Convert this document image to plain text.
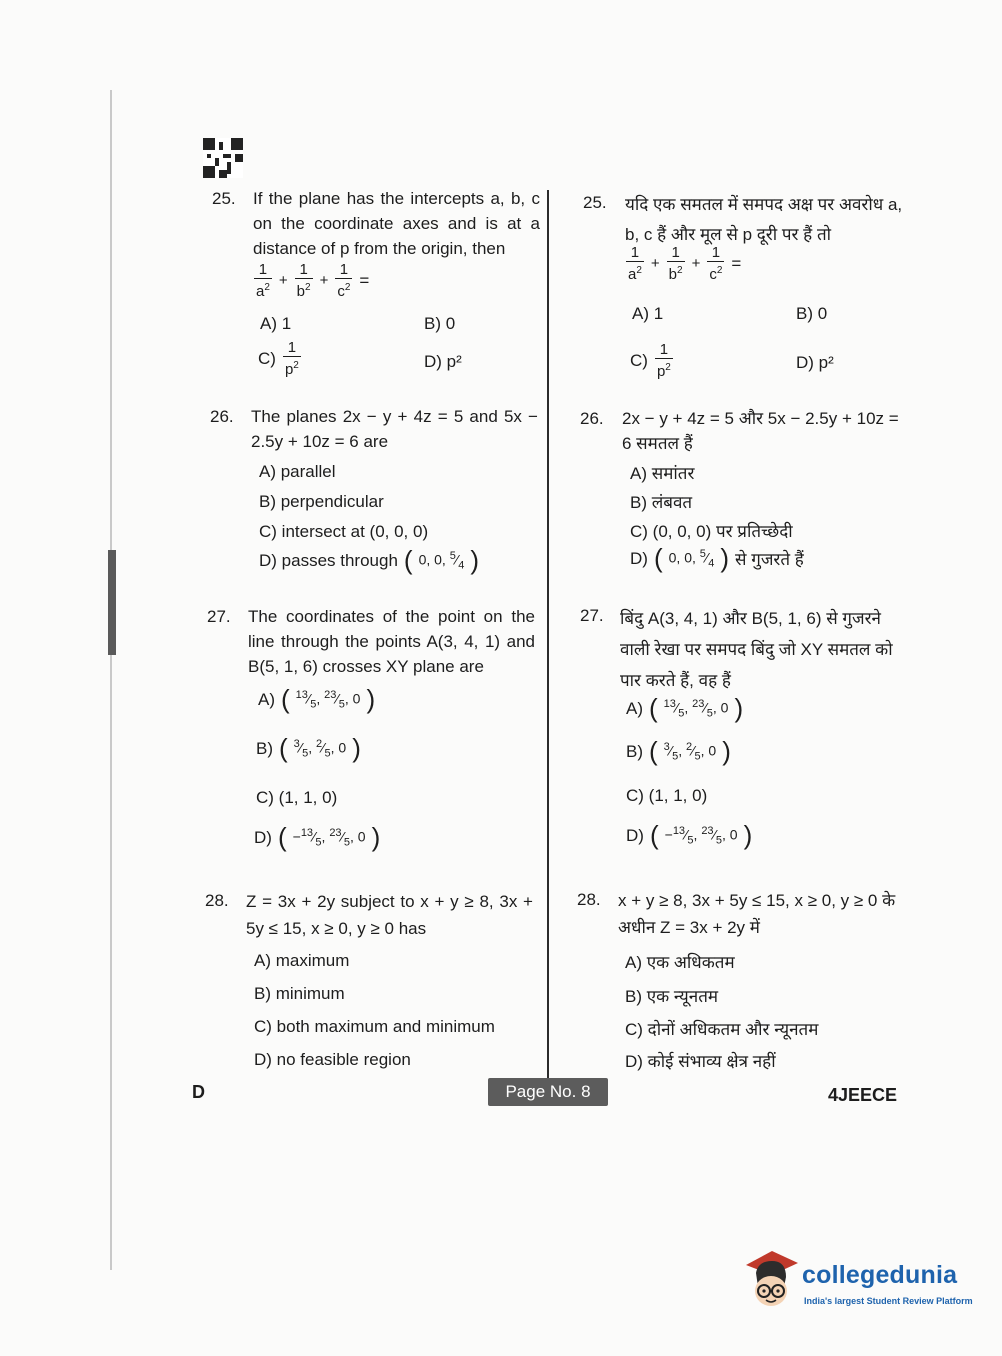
25. If the plane has the intercepts a, b, c on the coordinate axes and is at a distance of p from the origin, then
$\frac{1}{a^2} + \frac{1}{b^2} + \frac{1}{c^2}$ =
A) 1	B) 0
$C) \frac{1}{p^2}$	D) p²
25. यदि एक समतल में समपद अक्ष पर अवरोध a, b, c हैं और मूल से p दूरी पर हैं तो
$\frac{1}{a^2} + \frac{1}{b^2} + \frac{1}{c^2}$ =
A) 1	B) 0
$C) \frac{1}{p^2}$	D) p²
26. The planes 2x − y + 4z = 5 and 5x − 2.5y + 10z = 6 are
A) parallel
B) perpendicular
C) intersect at (0, 0, 0)
D) passes through ( 0, 0, $^5⁄_4$ )
26. 2x − y + 4z = 5 और 5x − 2.5y + 10z = 6 समतल हैं
A) समांतर
B) लंबवत
C) (0, 0, 0) पर प्रतिच्छेदी
D) ( 0, 0, $^5⁄_4$ ) से गुजरते हैं
27. The coordinates of the point on the line through the points A(3, 4, 1) and B(5, 1, 6) crosses XY plane are
A) ( $^{13}⁄_5$, $^{23}⁄_5$, 0 )
B) ( $^3⁄_5$, $^2⁄_5$, 0 )
C) (1, 1, 0)
D) ( $-^{13}⁄_5$, $^{23}⁄_5$, 0 )
27. बिंदु A(3, 4, 1) और B(5, 1, 6) से गुजरने वाली रेखा पर समपद बिंदु जो XY समतल को पार करते हैं, वह हैं
A) ( $^{13}⁄_5$, $^{23}⁄_5$, 0 )
B) ( $^3⁄_5$, $^2⁄_5$, 0 )
C) (1, 1, 0)
D) ( $-^{13}⁄_5$, $^{23}⁄_5$, 0 )
28. Z = 3x + 2y subject to x + y ≥ 8, 3x + 5y ≤ 15, x ≥ 0, y ≥ 0 has
A) maximum
B) minimum
C) both maximum and minimum
D) no feasible region
28. x + y ≥ 8, 3x + 5y ≤ 15, x ≥ 0, y ≥ 0 के अधीन Z = 3x + 2y में
A) एक अधिकतम
B) एक न्यूनतम
C) दोनों अधिकतम और न्यूनतम
D) कोई संभाव्य क्षेत्र नहीं
D	Page No. 8	4JEECE
collegedunia
India's largest Student Review Platform
